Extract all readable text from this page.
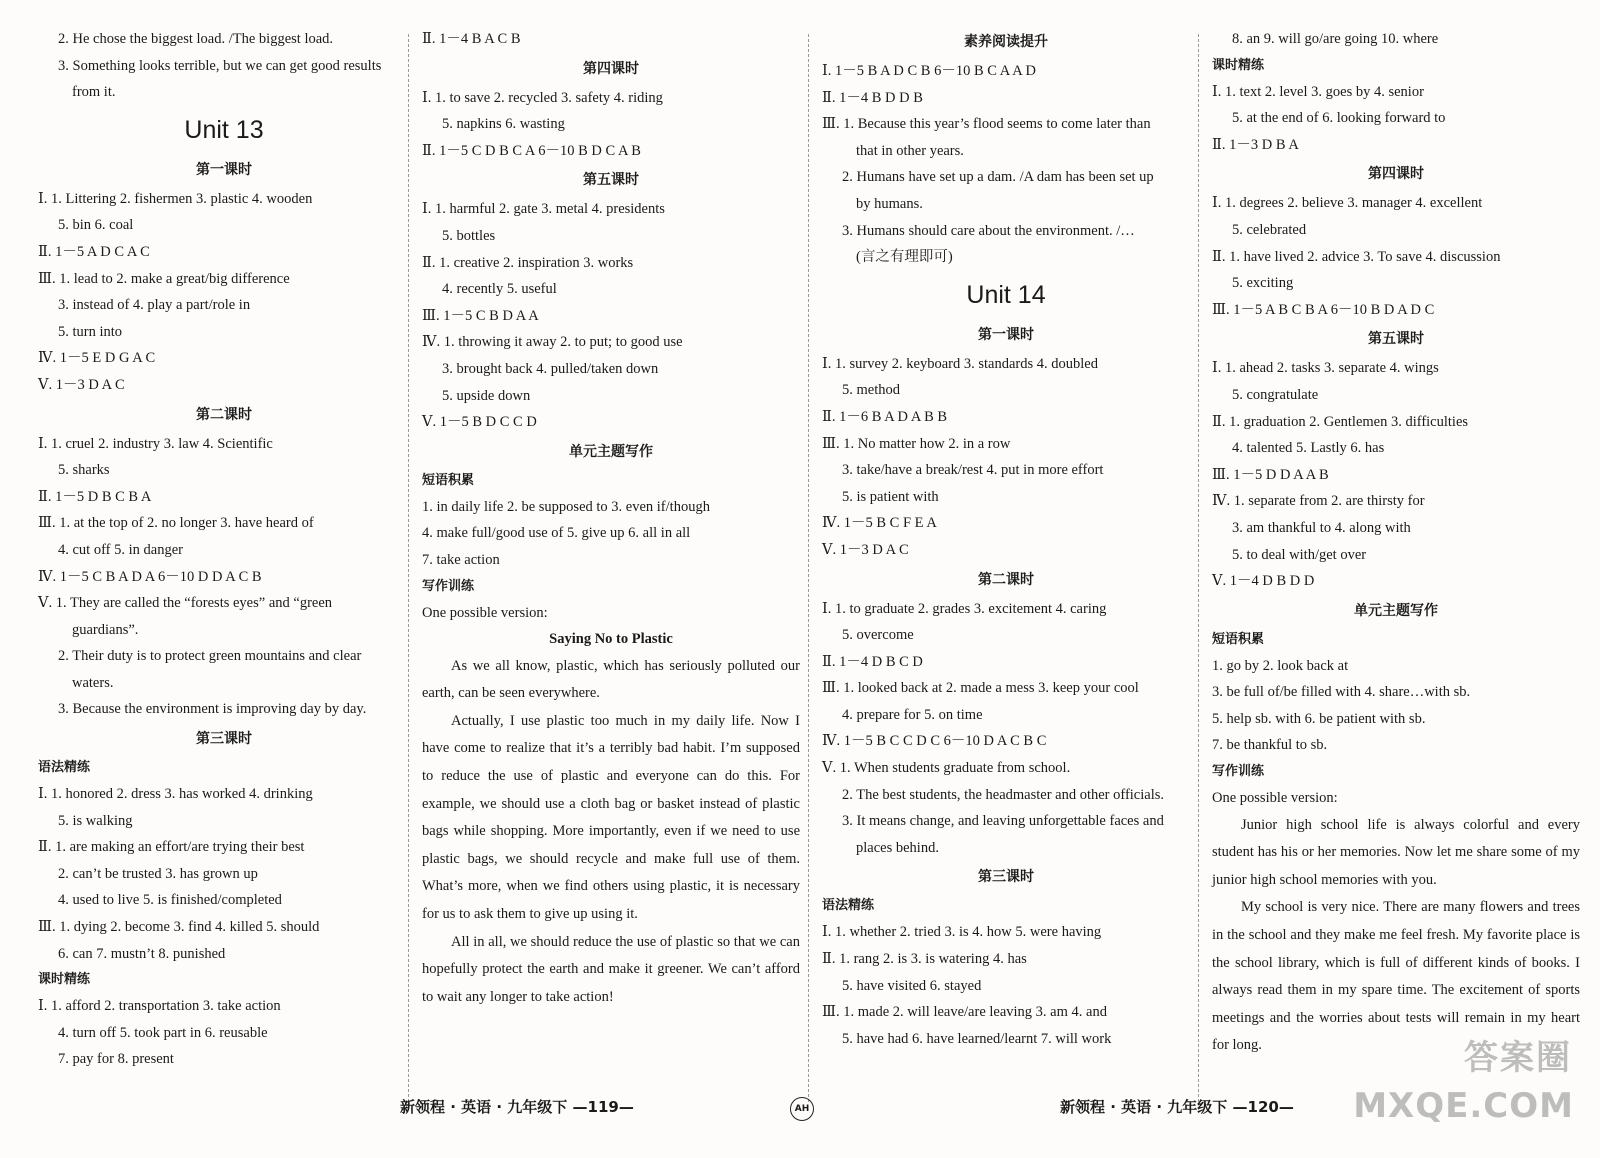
2. He chose the biggest load. /The biggest load.
3. Something looks terrible, but we can get good results
from it.
Unit 13
第一课时
Ⅰ. 1. Littering 2. fishermen 3. plastic 4. wooden
5. bin 6. coal
Ⅱ. 1－5 A D C A C
Ⅲ. 1. lead to 2. make a great/big difference
3. instead of 4. play a part/role in
5. turn into
Ⅳ. 1－5 E D G A C
Ⅴ. 1－3 D A C
第二课时
Ⅰ. 1. cruel 2. industry 3. law 4. Scientific
5. sharks
Ⅱ. 1－5 D B C B A
Ⅲ. 1. at the top of 2. no longer 3. have heard of
4. cut off 5. in danger
Ⅳ. 1－5 C B A D A 6－10 D D A C B
Ⅴ. 1. They are called the “forests eyes” and “green
guardians”.
2. Their duty is to protect green mountains and clear
waters.
3. Because the environment is improving day by day.
第三课时
语法精练
Ⅰ. 1. honored 2. dress 3. has worked 4. drinking
5. is walking
Ⅱ. 1. are making an effort/are trying their best
2. can’t be trusted 3. has grown up
4. used to live 5. is finished/completed
Ⅲ. 1. dying 2. become 3. find 4. killed 5. should
6. can 7. mustn’t 8. punished
课时精练
Ⅰ. 1. afford 2. transportation 3. take action
4. turn off 5. took part in 6. reusable
7. pay for 8. present
Ⅱ. 1－4 B A C B
第四课时
Ⅰ. 1. to save 2. recycled 3. safety 4. riding
5. napkins 6. wasting
Ⅱ. 1－5 C D B C A 6－10 B D C A B
第五课时
Ⅰ. 1. harmful 2. gate 3. metal 4. presidents
5. bottles
Ⅱ. 1. creative 2. inspiration 3. works
4. recently 5. useful
Ⅲ. 1－5 C B D A A
Ⅳ. 1. throwing it away 2. to put; to good use
3. brought back 4. pulled/taken down
5. upside down
Ⅴ. 1－5 B D C C D
单元主题写作
短语积累
1. in daily life 2. be supposed to 3. even if/though
4. make full/good use of 5. give up 6. all in all
7. take action
写作训练
One possible version:
Saying No to Plastic
As we all know, plastic, which has seriously polluted our earth, can be seen everywhere.
Actually, I use plastic too much in my daily life. Now I have come to realize that it’s a terribly bad habit. I’m supposed to reduce the use of plastic and everyone can do this. For example, we should use a cloth bag or basket instead of plastic bags while shopping. More importantly, even if we need to use plastic bags, we should recycle and make full use of them. What’s more, when we find others using plastic, it is necessary for us to ask them to give up using it.
All in all, we should reduce the use of plastic so that we can hopefully protect the earth and make it greener. We can’t afford to wait any longer to take action!
素养阅读提升
Ⅰ. 1－5 B A D C B 6－10 B C A A D
Ⅱ. 1－4 B D D B
Ⅲ. 1. Because this year’s flood seems to come later than
that in other years.
2. Humans have set up a dam. /A dam has been set up
by humans.
3. Humans should care about the environment. /…
(言之有理即可)
Unit 14
第一课时
Ⅰ. 1. survey 2. keyboard 3. standards 4. doubled
5. method
Ⅱ. 1－6 B A D A B B
Ⅲ. 1. No matter how 2. in a row
3. take/have a break/rest 4. put in more effort
5. is patient with
Ⅳ. 1－5 B C F E A
Ⅴ. 1－3 D A C
第二课时
Ⅰ. 1. to graduate 2. grades 3. excitement 4. caring
5. overcome
Ⅱ. 1－4 D B C D
Ⅲ. 1. looked back at 2. made a mess 3. keep your cool
4. prepare for 5. on time
Ⅳ. 1－5 B C C D C 6－10 D A C B C
Ⅴ. 1. When students graduate from school.
2. The best students, the headmaster and other officials.
3. It means change, and leaving unforgettable faces and
places behind.
第三课时
语法精练
Ⅰ. 1. whether 2. tried 3. is 4. how 5. were having
Ⅱ. 1. rang 2. is 3. is watering 4. has
5. have visited 6. stayed
Ⅲ. 1. made 2. will leave/are leaving 3. am 4. and
5. have had 6. have learned/learnt 7. will work
8. an 9. will go/are going 10. where
课时精练
Ⅰ. 1. text 2. level 3. goes by 4. senior
5. at the end of 6. looking forward to
Ⅱ. 1－3 D B A
第四课时
Ⅰ. 1. degrees 2. believe 3. manager 4. excellent
5. celebrated
Ⅱ. 1. have lived 2. advice 3. To save 4. discussion
5. exciting
Ⅲ. 1－5 A B C B A 6－10 B D A D C
第五课时
Ⅰ. 1. ahead 2. tasks 3. separate 4. wings
5. congratulate
Ⅱ. 1. graduation 2. Gentlemen 3. difficulties
4. talented 5. Lastly 6. has
Ⅲ. 1－5 D D A A B
Ⅳ. 1. separate from 2. are thirsty for
3. am thankful to 4. along with
5. to deal with/get over
Ⅴ. 1－4 D B D D
单元主题写作
短语积累
1. go by 2. look back at
3. be full of/be filled with 4. share…with sb.
5. help sb. with 6. be patient with sb.
7. be thankful to sb.
写作训练
One possible version:
Junior high school life is always colorful and every student has his or her memories. Now let me share some of my junior high school memories with you.
My school is very nice. There are many flowers and trees in the school and they make me feel fresh. My favorite place is the school library, which is full of different kinds of books. I always read them in my spare time. The excitement of sports meetings and the worries about tests will remain in my heart for long.
新领程 · 英语 · 九年级下 —119—	AH	新领程 · 英语 · 九年级下 —120—
答案圈
MXQE.COM
